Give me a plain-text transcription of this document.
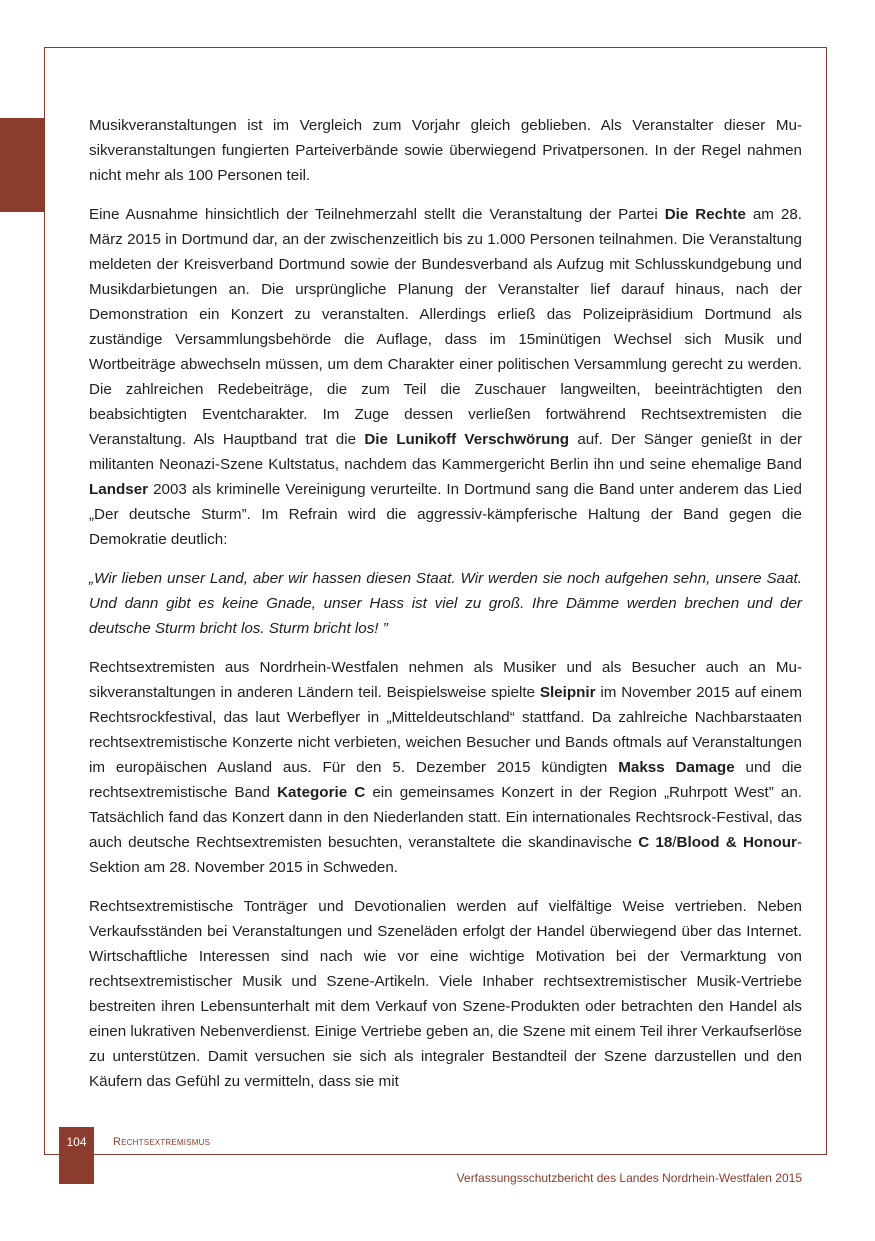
Musikveranstaltungen ist im Vergleich zum Vorjahr gleich geblieben. Als Veranstalter dieser Musikveranstaltungen fungierten Parteiverbände sowie überwiegend Privatpersonen. In der Regel nahmen nicht mehr als 100 Personen teil.

Eine Ausnahme hinsichtlich der Teilnehmerzahl stellt die Veranstaltung der Partei Die Rechte am 28. März 2015 in Dortmund dar, an der zwischenzeitlich bis zu 1.000 Personen teilnahmen. Die Veranstaltung meldeten der Kreisverband Dortmund sowie der Bundesverband als Aufzug mit Schlusskundgebung und Musikdarbietungen an. Die ursprüngliche Planung der Veranstalter lief darauf hinaus, nach der Demonstration ein Konzert zu veranstalten. Allerdings erließ das Polizeipräsidium Dortmund als zuständige Versammlungsbehörde die Auflage, dass im 15minütigen Wechsel sich Musik und Wortbeiträge abwechseln müssen, um dem Charakter einer politischen Versammlung gerecht zu werden. Die zahlreichen Redebeiträge, die zum Teil die Zuschauer langweilten, beeinträchtigten den beabsichtigten Eventcharakter. Im Zuge dessen verließen fortwährend Rechtsextremisten die Veranstaltung. Als Hauptband trat die Die Lunikoff Verschwörung auf. Der Sänger genießt in der militanten Neonazi-Szene Kultstatus, nachdem das Kammergericht Berlin ihn und seine ehemalige Band Landser 2003 als kriminelle Vereinigung verurteilte. In Dortmund sang die Band unter anderem das Lied „Der deutsche Sturm”. Im Refrain wird die aggressiv-kämpferische Haltung der Band gegen die Demokratie deutlich:

„Wir lieben unser Land, aber wir hassen diesen Staat. Wir werden sie noch aufgehen sehn, unsere Saat. Und dann gibt es keine Gnade, unser Hass ist viel zu groß. Ihre Dämme werden brechen und der deutsche Sturm bricht los. Sturm bricht los! ”

Rechtsextremisten aus Nordrhein-Westfalen nehmen als Musiker und als Besucher auch an Musikveranstaltungen in anderen Ländern teil. Beispielsweise spielte Sleipnir im November 2015 auf einem Rechtsrockfestival, das laut Werbeflyer in „Mitteldeutschland“ stattfand. Da zahlreiche Nachbarstaaten rechtsextremistische Konzerte nicht verbieten, weichen Besucher und Bands oftmals auf Veranstaltungen im europäischen Ausland aus. Für den 5. Dezember 2015 kündigten Makss Damage und die rechtsextremistische Band Kategorie C ein gemeinsames Konzert in der Region „Ruhrpott West” an. Tatsächlich fand das Konzert dann in den Niederlanden statt. Ein internationales Rechtsrock-Festival, das auch deutsche Rechtsextremisten besuchten, veranstaltete die skandinavische C 18/Blood & Honour-Sektion am 28. November 2015 in Schweden.

Rechtsextremistische Tonträger und Devotionalien werden auf vielfältige Weise vertrieben. Neben Verkaufsständen bei Veranstaltungen und Szeneläden erfolgt der Handel überwiegend über das Internet. Wirtschaftliche Interessen sind nach wie vor eine wichtige Motivation bei der Vermarktung von rechtsextremistischer Musik und Szene-Artikeln. Viele Inhaber rechtsextremistischer Musik-Vertriebe bestreiten ihren Lebensunterhalt mit dem Verkauf von Szene-Produkten oder betrachten den Handel als einen lukrativen Nebenverdienst. Einige Vertriebe geben an, die Szene mit einem Teil ihrer Verkaufserlöse zu unterstützen. Damit versuchen sie sich als integraler Bestandteil der Szene darzustellen und den Käufern das Gefühl zu vermitteln, dass sie mit

104	Rechtsextremismus
Verfassungsschutzbericht des Landes Nordrhein-Westfalen 2015
